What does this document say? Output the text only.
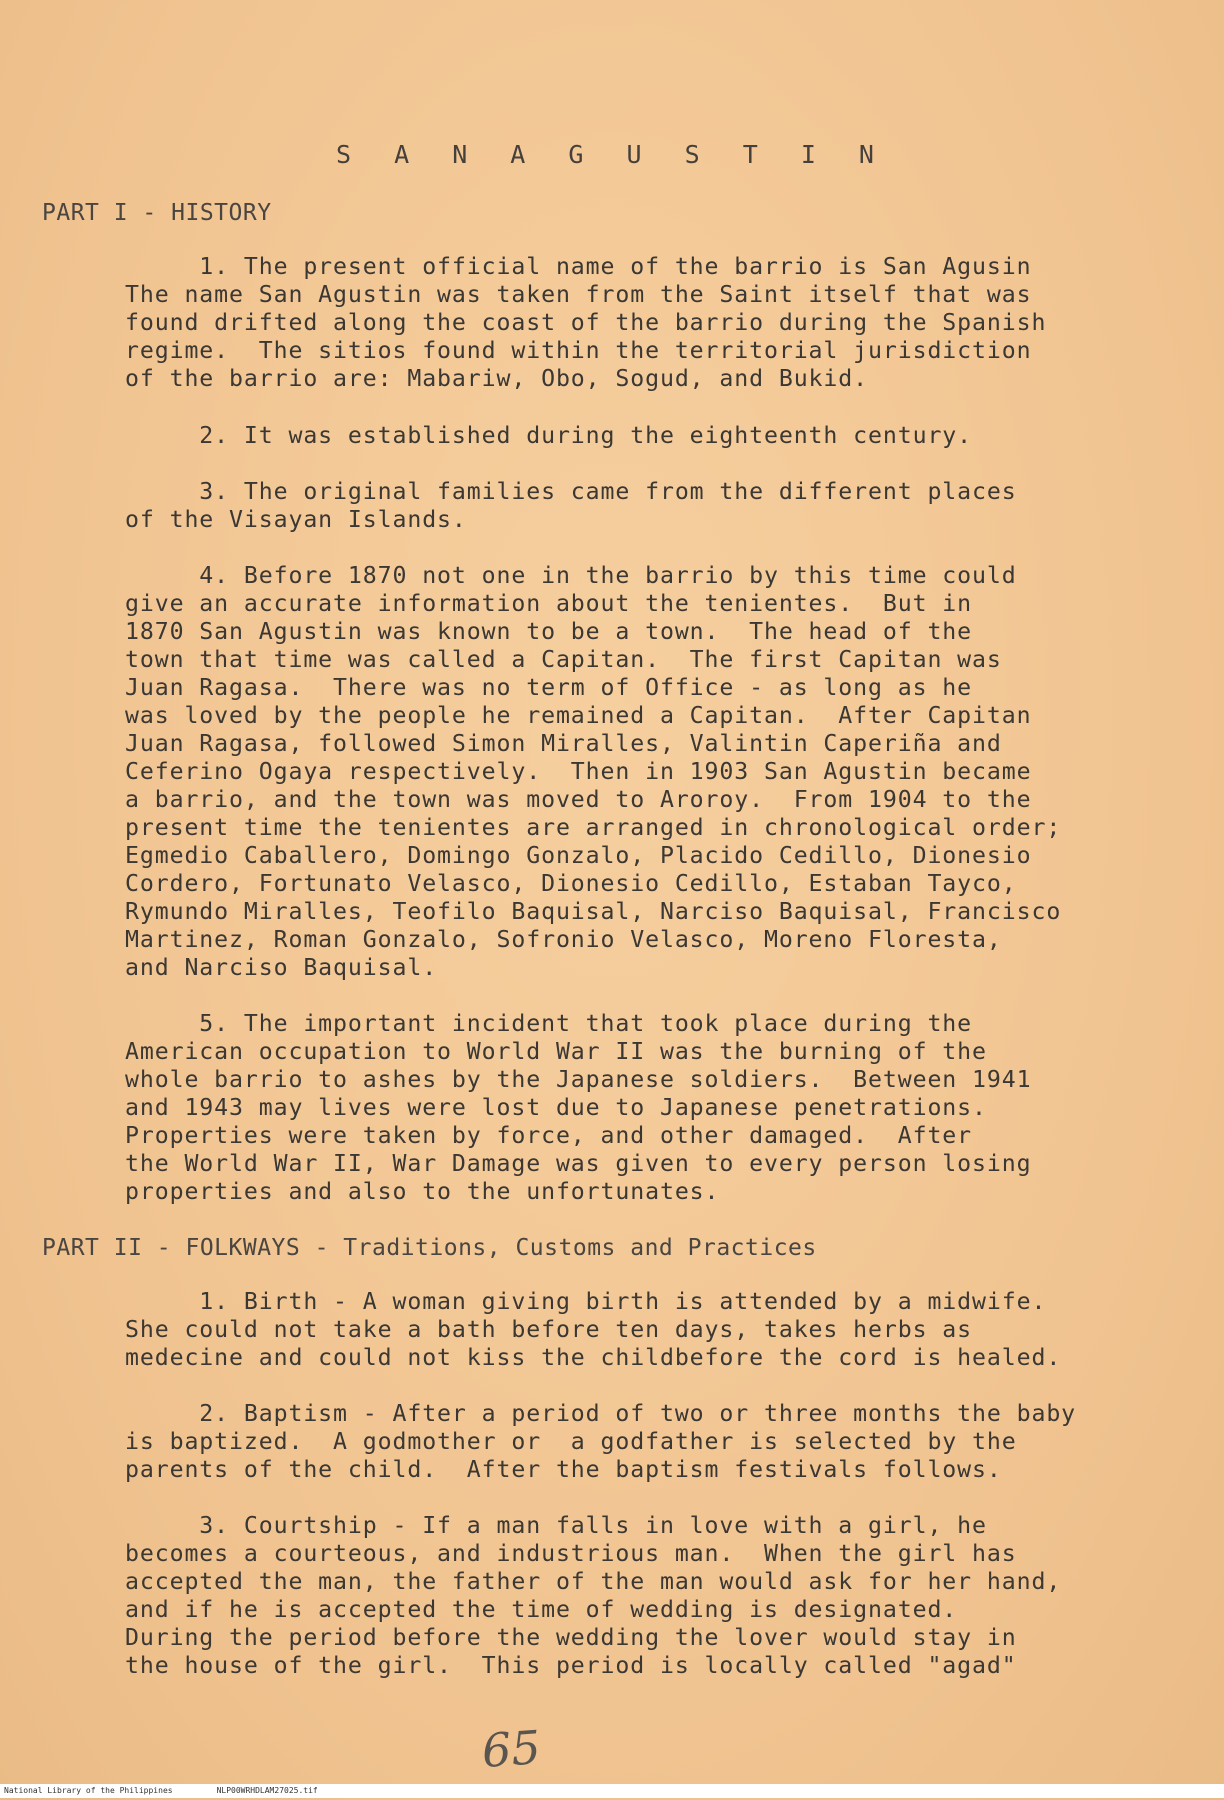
S A N A G U S T I N
PART I - HISTORY
1. The present official name of the barrio is San Agusin
The name San Agustin was taken from the Saint itself that was
found drifted along the coast of the barrio during the Spanish
regime.  The sitios found within the territorial jurisdiction
of the barrio are: Mabariw, Obo, Sogud, and Bukid.
2. It was established during the eighteenth century.
3. The original families came from the different places
of the Visayan Islands.
4. Before 1870 not one in the barrio by this time could
give an accurate information about the tenientes.  But in
1870 San Agustin was known to be a town.  The head of the
town that time was called a Capitan.  The first Capitan was
Juan Ragasa.  There was no term of Office - as long as he
was loved by the people he remained a Capitan.  After Capitan
Juan Ragasa, followed Simon Miralles, Valintin Caperiña and
Ceferino Ogaya respectively.  Then in 1903 San Agustin became
a barrio, and the town was moved to Aroroy.  From 1904 to the
present time the tenientes are arranged in chronological order;
Egmedio Caballero, Domingo Gonzalo, Placido Cedillo, Dionesio
Cordero, Fortunato Velasco, Dionesio Cedillo, Estaban Tayco,
Rymundo Miralles, Teofilo Baquisal, Narciso Baquisal, Francisco
Martinez, Roman Gonzalo, Sofronio Velasco, Moreno Floresta,
and Narciso Baquisal.
5. The important incident that took place during the
American occupation to World War II was the burning of the
whole barrio to ashes by the Japanese soldiers.  Between 1941
and 1943 may lives were lost due to Japanese penetrations.
Properties were taken by force, and other damaged.  After
the World War II, War Damage was given to every person losing
properties and also to the unfortunates.
PART II - FOLKWAYS - Traditions, Customs and Practices
1. Birth - A woman giving birth is attended by a midwife.
She could not take a bath before ten days, takes herbs as
medecine and could not kiss the childbefore the cord is healed.
2. Baptism - After a period of two or three months the baby
is baptized.  A godmother or  a godfather is selected by the
parents of the child.  After the baptism festivals follows.
3. Courtship - If a man falls in love with a girl, he
becomes a courteous, and industrious man.  When the girl has
accepted the man, the father of the man would ask for her hand,
and if he is accepted the time of wedding is designated.
During the period before the wedding the lover would stay in
the house of the girl.  This period is locally called "agad"
65
National Library of the Philippines	NLP00WRHDLAM27025.tif
